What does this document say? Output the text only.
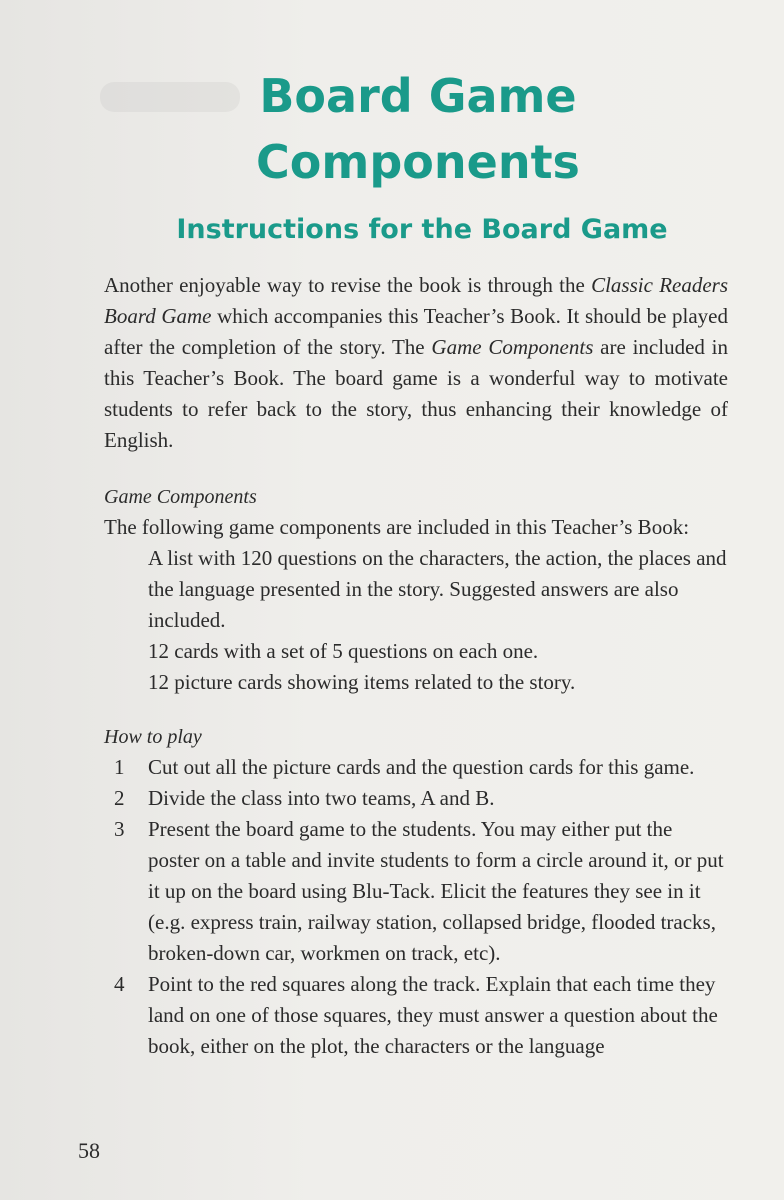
Board Game
Components
Instructions for the Board Game

Another enjoyable way to revise the book is through the Classic Readers Board Game which accompanies this Teacher’s Book. It should be played after the completion of the story. The Game Components are included in this Teacher’s Book. The board game is a wonderful way to motivate students to refer back to the story, thus enhancing their knowledge of English.

Game Components

The following game components are included in this Teacher’s Book:

A list with 120 questions on the characters, the action, the places and the language presented in the story. Suggested answers are also included.

12 cards with a set of 5 questions on each one.

12 picture cards showing items related to the story.

How to play
1 Cut out all the picture cards and the question cards for this game.
2 Divide the class into two teams, A and B.
3 Present the board game to the students. You may either put the poster on a table and invite students to form a circle around it, or put it up on the board using Blu-Tack. Elicit the features they see in it (e.g. express train, railway station, collapsed bridge, flooded tracks, broken-down car, workmen on track, etc).
4 Point to the red squares along the track. Explain that each time they land on one of those squares, they must answer a question about the book, either on the plot, the characters or the language
58
